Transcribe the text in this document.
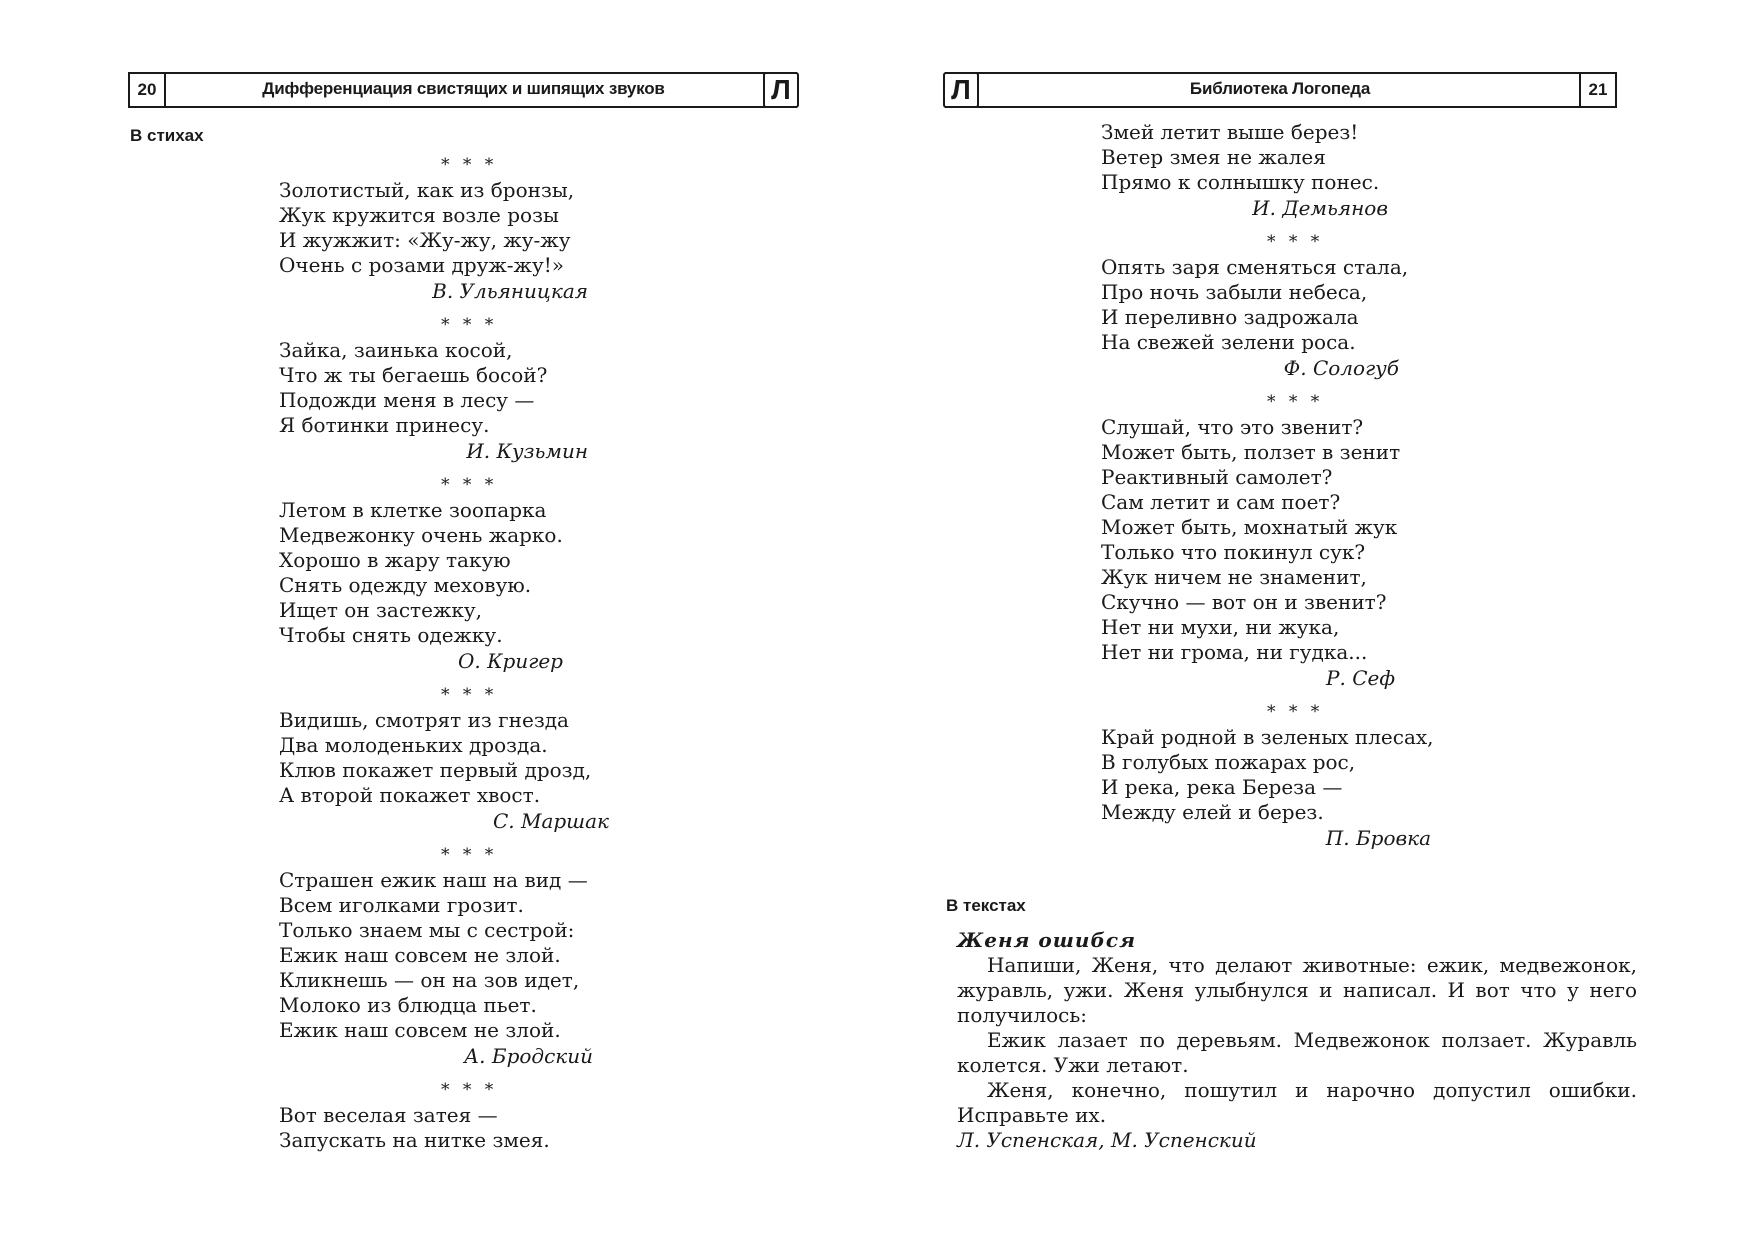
20	Дифференциация свистящих и шипящих звуков	Л
В стихах

* * *

Золотистый, как из бронзы,

Жук кружится возле розы

И жужжит: «Жу-жу, жу-жу

Очень с розами друж-жу!»

В. Ульяницкая

* * *

Зайка, заинька косой,

Что ж ты бегаешь босой?

Подожди меня в лесу —

Я ботинки принесу.

И. Кузьмин

* * *

Летом в клетке зоопарка

Медвежонку очень жарко.

Хорошо в жару такую

Снять одежду меховую.

Ищет он застежку,

Чтобы снять одежку.

О. Кригер

* * *

Видишь, смотрят из гнезда

Два молоденьких дрозда.

Клюв покажет первый дрозд,

А второй покажет хвост.

С. Маршак

* * *

Страшен ежик наш на вид —

Всем иголками грозит.

Только знаем мы с сестрой:

Ежик наш совсем не злой.

Кликнешь — он на зов идет,

Молоко из блюдца пьет.

Ежик наш совсем не злой.

А. Бродский

* * *

Вот веселая затея —

Запускать на нитке змея.

Л	Библиотека Логопеда	21

Змей летит выше берез!

Ветер змея не жалея

Прямо к солнышку понес.

И. Демьянов

* * *

Опять заря сменяться стала,

Про ночь забыли небеса,

И переливно задрожала

На свежей зелени роса.

Ф. Сологуб

* * *

Слушай, что это звенит?

Может быть, ползет в зенит

Реактивный самолет?

Сам летит и сам поет?

Может быть, мохнатый жук

Только что покинул сук?

Жук ничем не знаменит,

Скучно — вот он и звенит?

Нет ни мухи, ни жука,

Нет ни грома, ни гудка...

Р. Сеф

* * *

Край родной в зеленых плесах,

В голубых пожарах рос,

И река, река Береза —

Между елей и берез.

П. Бровка

В текстах

Женя ошибся

Напиши, Женя, что делают животные: ежик, медвежонок, журавль, ужи. Женя улыбнулся и написал. И вот что у него получилось:

Ежик лазает по деревьям. Медвежонок ползает. Журавль колется. Ужи летают.

Женя, конечно, пошутил и нарочно допустил ошибки. Исправьте их.

Л. Успенская, М. Успенский
